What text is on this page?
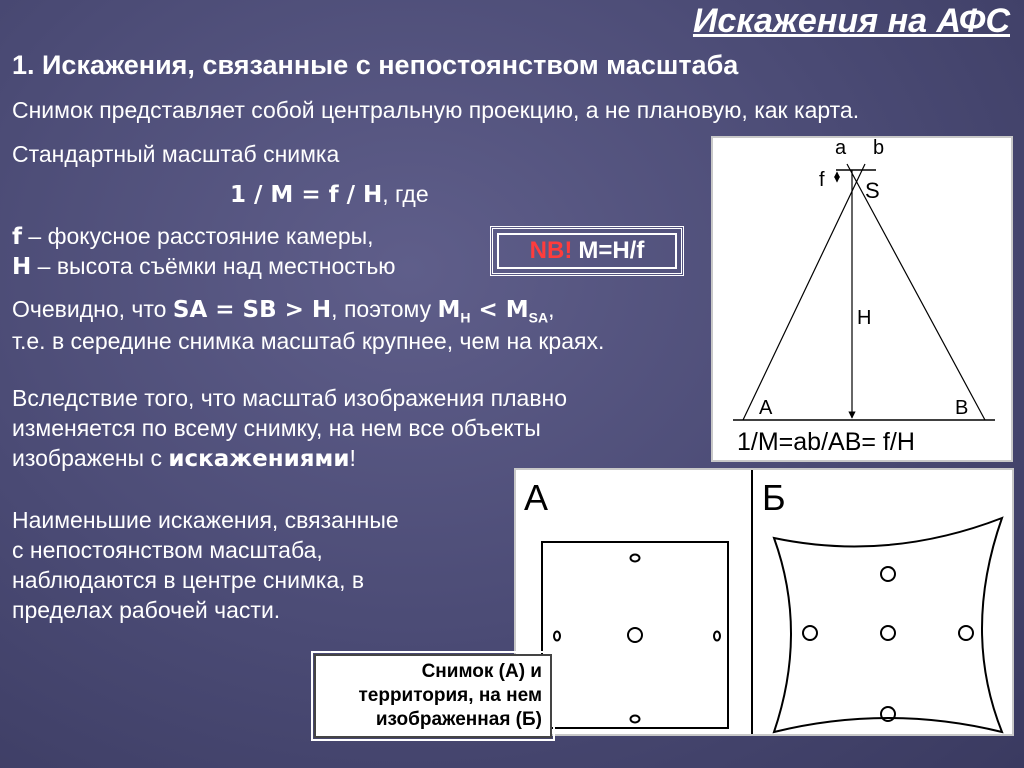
Искажения на АФС
1. Искажения, связанные с непостоянством масштаба
Снимок представляет собой центральную проекцию, а не плановую, как карта.
Стандартный масштаб снимка
1 / M = f / H, где
f – фокусное расстояние камеры,
H – высота съёмки над местностью
NB! M=H/f
Очевидно, что SA = SB > H, поэтому $M_H < M_{SA}$,
т.е. в середине снимка масштаб крупнее, чем на краях.
Вследствие того, что масштаб изображения плавно
изменяется по всему снимку, на нем все объекты
изображены с искажениями!
Наименьшие искажения, связанные
с непостоянством масштаба,
наблюдаются в центре снимка, в
пределах рабочей части.
a b
f S
H
A	B
1/M=ab/AB= f/H
А	Б
Снимок (А) и
территория, на нем
изображенная (Б)
